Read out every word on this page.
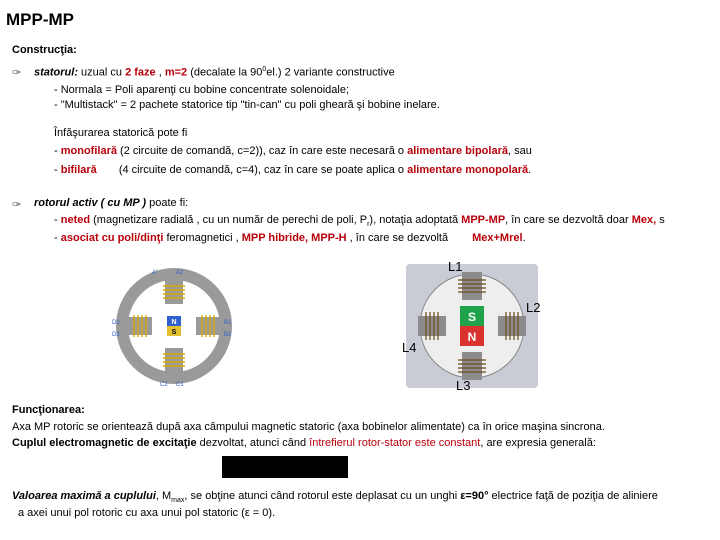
MPP-MP
Construcţia:
✑ statorul: uzual cu 2 faze , m=2 (decalate la $90^0el$.) 2 variante constructive
- Normala = Poli aparenţi cu bobine concentrate solenoidale;
- "Multistack" = 2 pachete statorice tip "tin-can" cu poli gheară şi bobine inelare.
Înfăşurarea statorică pote fi
- monofilară (2 circuite de comandă, c=2)), caz în care este necesară o alimentare bipolară, sau
- bifilară (4 circuite de comandă, c=4), caz în care se poate aplica o alimentare monopolară.
✑ rotorul activ ( cu MP ) poate fi:
- neted (magnetizare radială , cu un număr de perechi de poli, $P_r$), notaţia adoptată MPP-MP, în care se dezvoltă doar Mex, s
- asociat cu poli/dinţi feromagnetici , MPP hibride, MPP-H , în care se dezvoltă Mex+Mrel.
N
S
A'	A2
B1
B2
C2 C1
D1
D2
S
N
L1
L2
L3
L4
Funcţionarea:
Axa MP rotoric se orientează după axa câmpului magnetic statoric (axa bobinelor alimentate) ca în orice maşina sincrona.
Cuplul electromagnetic de excitaţie dezvoltat, atunci când întrefierul rotor-stator este constant, are expresia generală:
Valoarea maximă a cuplului, $M_{max}$, se obţine atunci când rotorul este deplasat cu un unghi ε=90° electrice faţă de poziţia de aliniere
a axei unui pol rotoric cu axa unui pol statoric (ε = 0).
